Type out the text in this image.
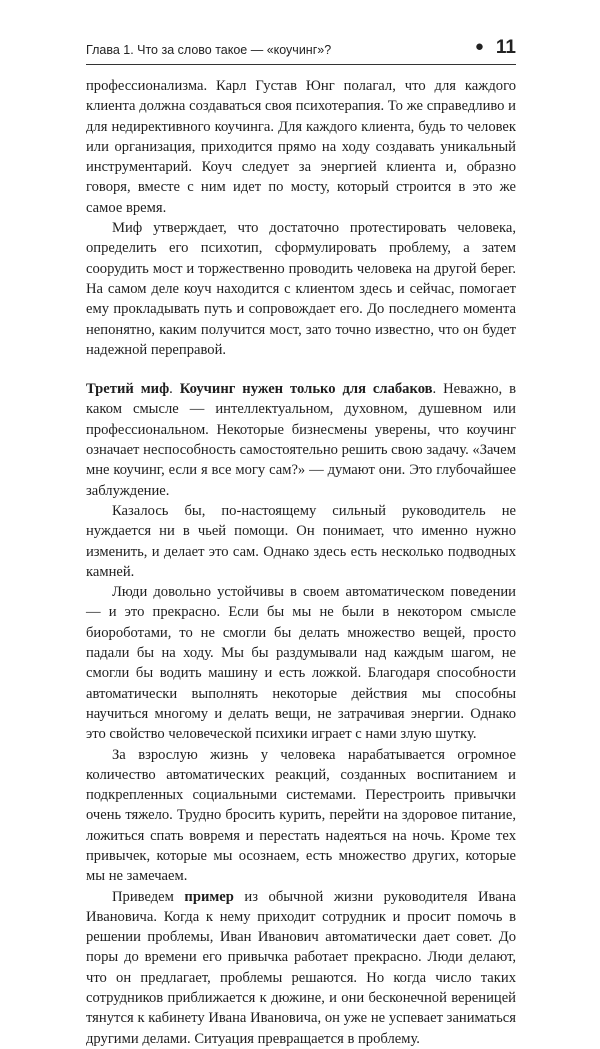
Глава 1. Что за слово такое — «коучинг»?	● 11

профессионализма. Карл Густав Юнг полагал, что для каждого клиента должна создаваться своя психотерапия. То же справедливо и для недирективного коучинга. Для каждого клиента, будь то человек или организация, приходится прямо на ходу создавать уникальный инструментарий. Коуч следует за энергией клиента и, образно говоря, вместе с ним идет по мосту, который строится в это же самое время.

Миф утверждает, что достаточно протестировать человека, определить его психотип, сформулировать проблему, а затем соорудить мост и торжественно проводить человека на другой берег. На самом деле коуч находится с клиентом здесь и сейчас, помогает ему прокладывать путь и сопровождает его. До последнего момента непонятно, каким получится мост, зато точно известно, что он будет надежной переправой.

Третий миф. Коучинг нужен только для слабаков. Неважно, в каком смысле — интеллектуальном, духовном, душевном или профессиональном. Некоторые бизнесмены уверены, что коучинг означает неспособность самостоятельно решить свою задачу. «Зачем мне коучинг, если я все могу сам?» — думают они. Это глубочайшее заблуждение.

Казалось бы, по-настоящему сильный руководитель не нуждается ни в чьей помощи. Он понимает, что именно нужно изменить, и делает это сам. Однако здесь есть несколько подводных камней.

Люди довольно устойчивы в своем автоматическом поведении — и это прекрасно. Если бы мы не были в некотором смысле биороботами, то не смогли бы делать множество вещей, просто падали бы на ходу. Мы бы раздумывали над каждым шагом, не смогли бы водить машину и есть ложкой. Благодаря способности автоматически выполнять некоторые действия мы способны научиться многому и делать вещи, не затрачивая энергии. Однако это свойство человеческой психики играет с нами злую шутку.

За взрослую жизнь у человека нарабатывается огромное количество автоматических реакций, созданных воспитанием и подкрепленных социальными системами. Перестроить привычки очень тяжело. Трудно бросить курить, перейти на здоровое питание, ложиться спать вовремя и перестать надеяться на ночь. Кроме тех привычек, которые мы осознаем, есть множество других, которые мы не замечаем.

Приведем пример из обычной жизни руководителя Ивана Ивановича. Когда к нему приходит сотрудник и просит помочь в решении проблемы, Иван Иванович автоматически дает совет. До поры до времени его привычка работает прекрасно. Люди делают, что он предлагает, проблемы решаются. Но когда число таких сотрудников приближается к дюжине, и они бесконечной вереницей тянутся к кабинету Ивана Ивановича, он уже не успевает заниматься другими делами. Ситуация превращается в проблему.
